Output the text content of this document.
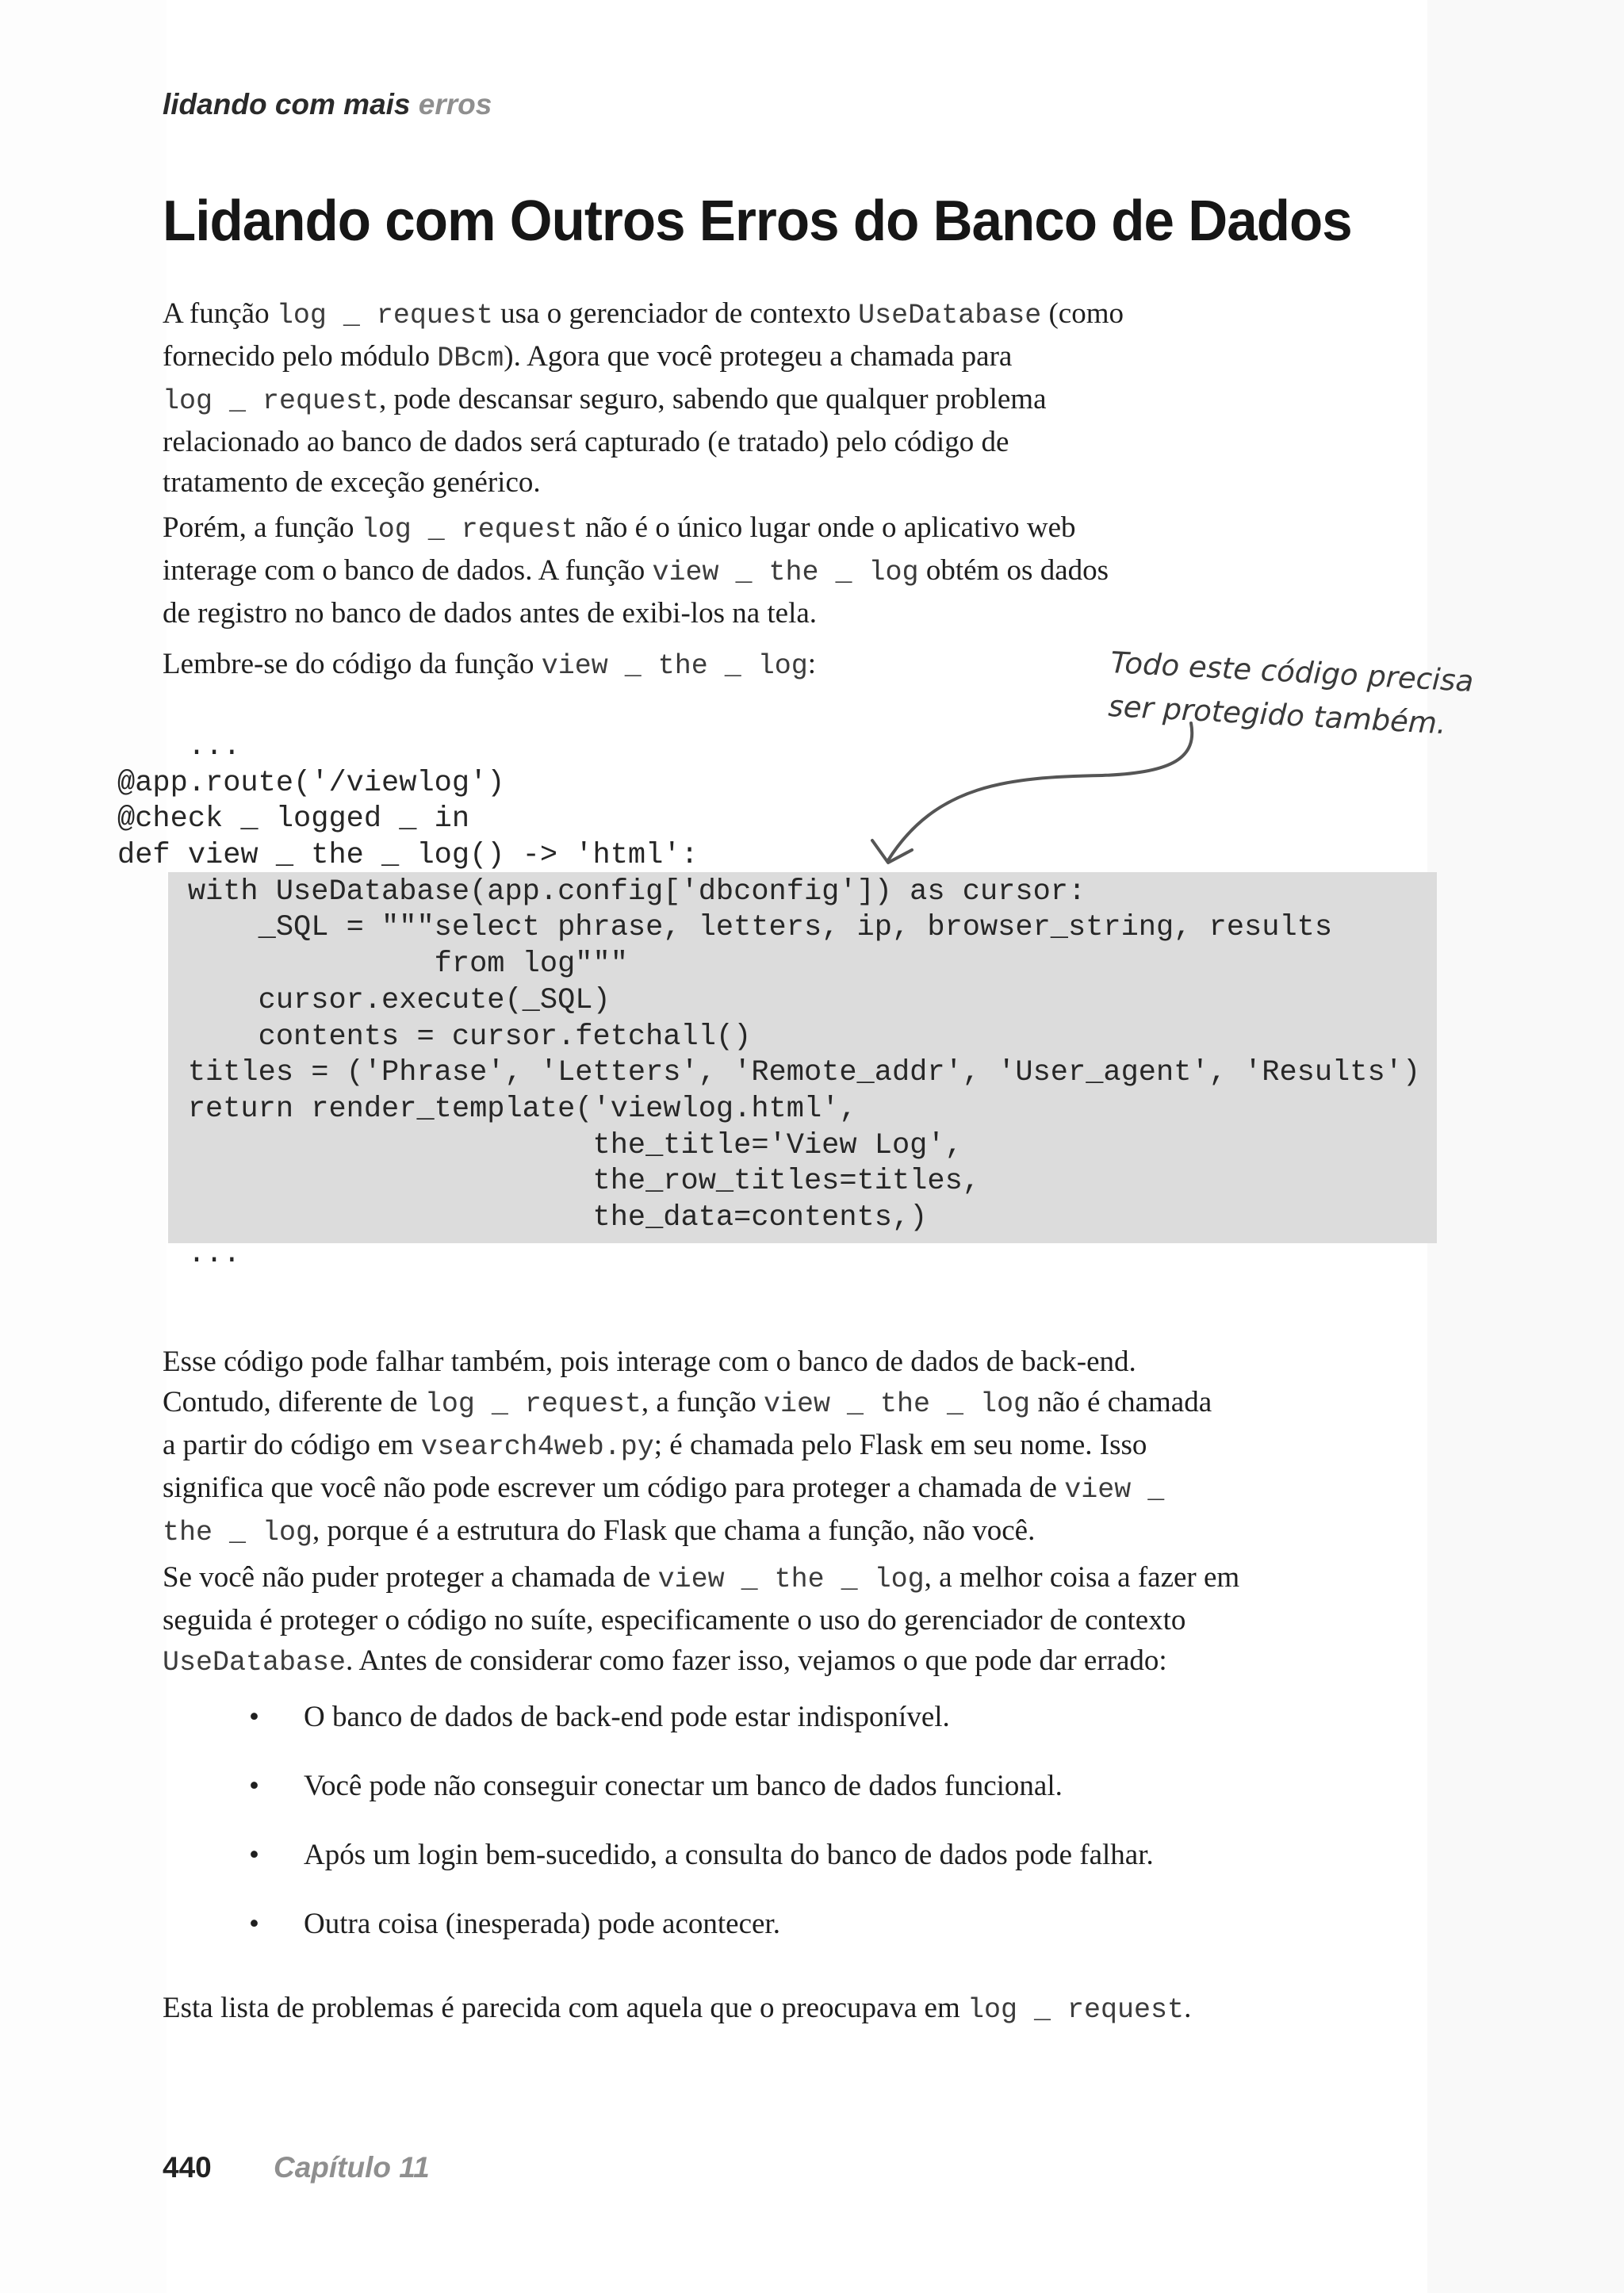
lidando com mais erros
Lidando com Outros Erros do Banco de Dados
A função log _ request usa o gerenciador de contexto UseDatabase (como
fornecido pelo módulo DBcm). Agora que você protegeu a chamada para
log _ request, pode descansar seguro, sabendo que qualquer problema
relacionado ao banco de dados será capturado (e tratado) pelo código de
tratamento de exceção genérico.
Porém, a função log _ request não é o único lugar onde o aplicativo web
interage com o banco de dados. A função view _ the _ log obtém os dados
de registro no banco de dados antes de exibi-los na tela.
Lembre-se do código da função view _ the _ log:	Todo este código precisa
ser protegido também.
...
@app.route('/viewlog')
@check _ logged _ in
def view _ the _ log() -> 'html':
with UseDatabase(app.config['dbconfig']) as cursor:
_SQL = """select phrase, letters, ip, browser_string, results
from log"""
cursor.execute(_SQL)
contents = cursor.fetchall()
titles = ('Phrase', 'Letters', 'Remote_addr', 'User_agent', 'Results')
return render_template('viewlog.html',
the_title='View Log',
the_row_titles=titles,
the_data=contents,)
...
Esse código pode falhar também, pois interage com o banco de dados de back-end.
Contudo, diferente de log _ request, a função view _ the _ log não é chamada
a partir do código em vsearch4web.py; é chamada pelo Flask em seu nome. Isso
significa que você não pode escrever um código para proteger a chamada de view _
the _ log, porque é a estrutura do Flask que chama a função, não você.
Se você não puder proteger a chamada de view _ the _ log, a melhor coisa a fazer em
seguida é proteger o código no suíte, especificamente o uso do gerenciador de contexto
UseDatabase. Antes de considerar como fazer isso, vejamos o que pode dar errado:
• O banco de dados de back-end pode estar indisponível.
• Você pode não conseguir conectar um banco de dados funcional.
• Após um login bem-sucedido, a consulta do banco de dados pode falhar.
• Outra coisa (inesperada) pode acontecer.
Esta lista de problemas é parecida com aquela que o preocupava em log _ request.
440 Capítulo 11
